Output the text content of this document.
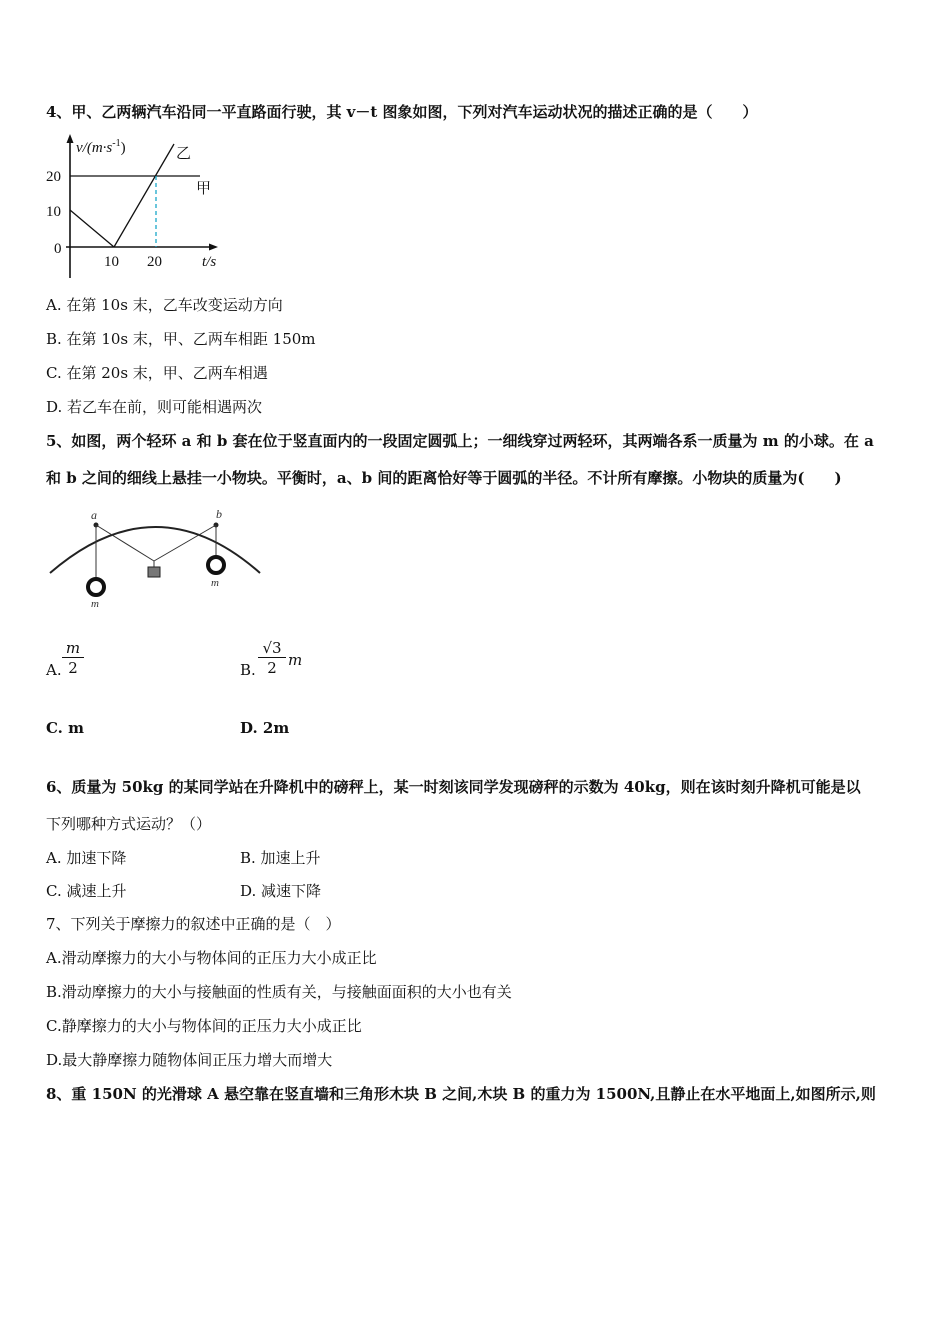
4、甲、乙两辆汽车沿同一平直路面行驶，其 v－t 图象如图，下列对汽车运动状况的描述正确的是（　　）
$v/(m\cdot s^{-1})$
20
10
0
10 20	t/s
甲
乙
A. 在第 10s 末，乙车改变运动方向
B. 在第 10s 末，甲、乙两车相距 150m
C. 在第 20s 末，甲、乙两车相遇
D. 若乙车在前，则可能相遇两次
5、如图，两个轻环 a 和 b 套在位于竖直面内的一段固定圆弧上；一细线穿过两轻环，其两端各系一质量为 m 的小球。在 a
和 b 之间的细线上悬挂一小物块。平衡时，a、b 间的距离恰好等于圆弧的半径。不计所有摩擦。小物块的质量为(　　)
a	b
m
m
A.
m
2	B.
√3
2 m
C. m	D. 2m
6、质量为 50kg 的某同学站在升降机中的磅秤上，某一时刻该同学发现磅秤的示数为 40kg，则在该时刻升降机可能是以
下列哪种方式运动？（）
A. 加速下降	B. 加速上升
C. 减速上升	D. 减速下降
7、下列关于摩擦力的叙述中正确的是（　）
A.滑动摩擦力的大小与物体间的正压力大小成正比
B.滑动摩擦力的大小与接触面的性质有关，与接触面面积的大小也有关
C.静摩擦力的大小与物体间的正压力大小成正比
D.最大静摩擦力随物体间正压力增大而增大
8、重 150N 的光滑球 A 悬空靠在竖直墙和三角形木块 B 之间,木块 B 的重力为 1500N,且静止在水平地面上,如图所示,则
